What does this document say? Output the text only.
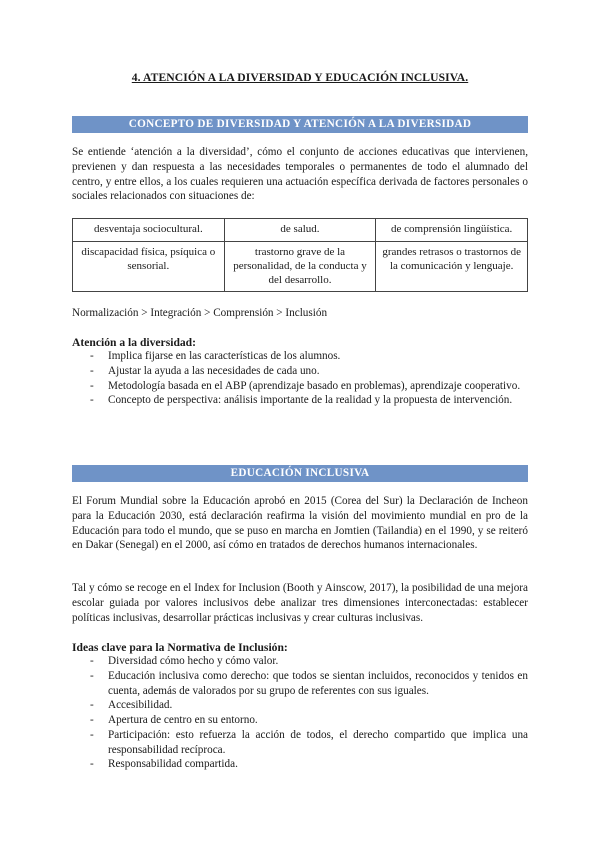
4. ATENCIÓN A LA DIVERSIDAD Y EDUCACIÓN INCLUSIVA.
CONCEPTO DE DIVERSIDAD Y ATENCIÓN A LA DIVERSIDAD

Se entiende ‘atención a la diversidad’, cómo el conjunto de acciones educativas que intervienen, previenen y dan respuesta a las necesidades temporales o permanentes de todo el alumnado del centro, y entre ellos, a los cuales requieren una actuación específica derivada de factores personales o sociales relacionados con situaciones de:

desventaja sociocultural.	de salud.	de comprensión lingüística.
discapacidad física, psíquica o sensorial.	trastorno grave de la personalidad, de la conducta y del desarrollo.	grandes retrasos o trastornos de la comunicación y lenguaje.

Normalización > Integración > Comprensión > Inclusión

Atención a la diversidad:
- Implica fijarse en las características de los alumnos.
- Ajustar la ayuda a las necesidades de cada uno.
- Metodología basada en el ABP (aprendizaje basado en problemas), aprendizaje cooperativo.
- Concepto de perspectiva: análisis importante de la realidad y la propuesta de intervención.
EDUCACIÓN INCLUSIVA

El Forum Mundial sobre la Educación aprobó en 2015 (Corea del Sur) la Declaración de Incheon para la Educación 2030, está declaración reafirma la visión del movimiento mundial en pro de la Educación para todo el mundo, que se puso en marcha en Jomtien (Tailandia) en el 1990, y se reiteró en Dakar (Senegal) en el 2000, así cómo en tratados de derechos humanos internacionales.

Tal y cómo se recoge en el Index for Inclusion (Booth y Ainscow, 2017), la posibilidad de una mejora escolar guiada por valores inclusivos debe analizar tres dimensiones interconectadas: establecer políticas inclusivas, desarrollar prácticas inclusivas y crear culturas inclusivas.

Ideas clave para la Normativa de Inclusión:
- Diversidad cómo hecho y cómo valor.
- Educación inclusiva como derecho: que todos se sientan incluidos, reconocidos y tenidos en cuenta, además de valorados por su grupo de referentes con sus iguales.
- Accesibilidad.
- Apertura de centro en su entorno.
- Participación: esto refuerza la acción de todos, el derecho compartido que implica una responsabilidad recíproca.
- Responsabilidad compartida.
